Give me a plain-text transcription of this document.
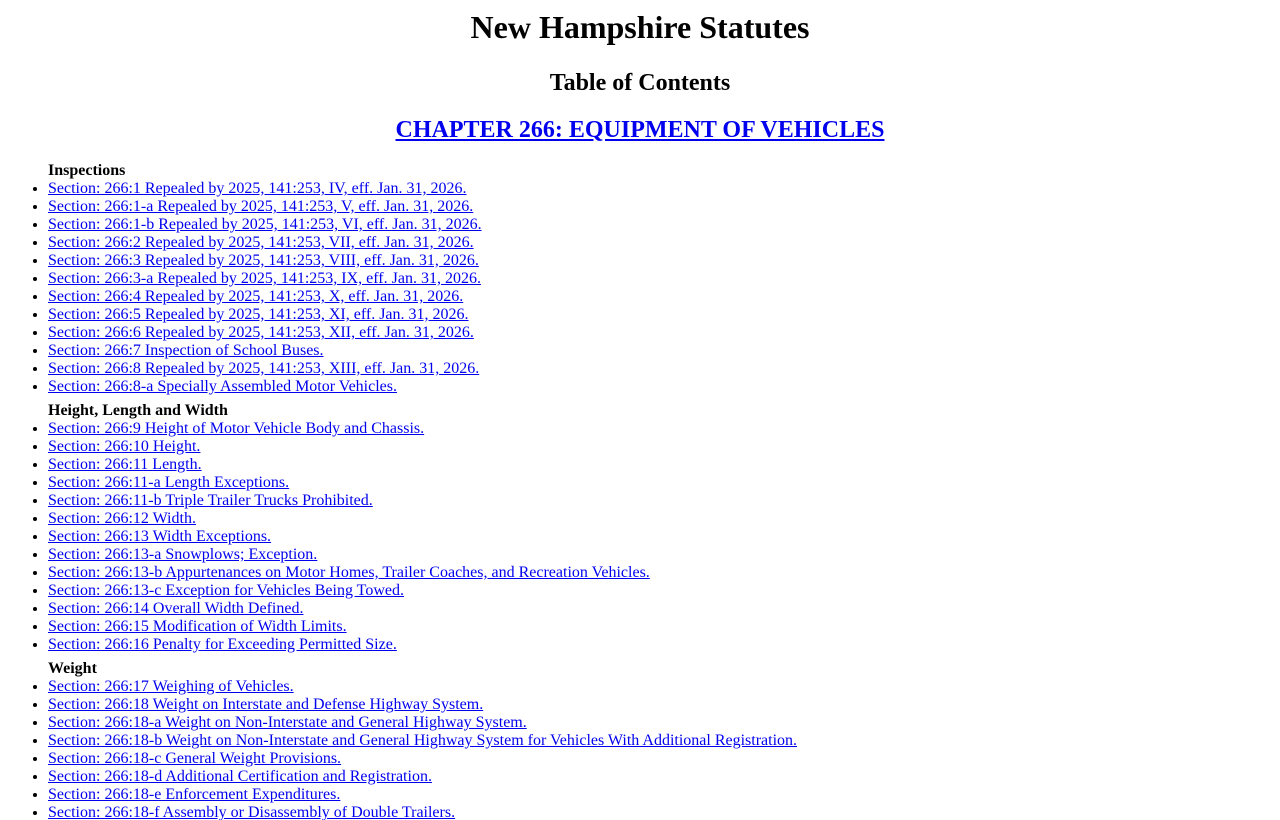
New Hampshire Statutes
Table of Contents
CHAPTER 266: EQUIPMENT OF VEHICLES
Inspections
• Section: 266:1 Repealed by 2025, 141:253, IV, eff. Jan. 31, 2026.
• Section: 266:1-a Repealed by 2025, 141:253, V, eff. Jan. 31, 2026.
• Section: 266:1-b Repealed by 2025, 141:253, VI, eff. Jan. 31, 2026.
• Section: 266:2 Repealed by 2025, 141:253, VII, eff. Jan. 31, 2026.
• Section: 266:3 Repealed by 2025, 141:253, VIII, eff. Jan. 31, 2026.
• Section: 266:3-a Repealed by 2025, 141:253, IX, eff. Jan. 31, 2026.
• Section: 266:4 Repealed by 2025, 141:253, X, eff. Jan. 31, 2026.
• Section: 266:5 Repealed by 2025, 141:253, XI, eff. Jan. 31, 2026.
• Section: 266:6 Repealed by 2025, 141:253, XII, eff. Jan. 31, 2026.
• Section: 266:7 Inspection of School Buses.
• Section: 266:8 Repealed by 2025, 141:253, XIII, eff. Jan. 31, 2026.
• Section: 266:8-a Specially Assembled Motor Vehicles.
Height, Length and Width
• Section: 266:9 Height of Motor Vehicle Body and Chassis.
• Section: 266:10 Height.
• Section: 266:11 Length.
• Section: 266:11-a Length Exceptions.
• Section: 266:11-b Triple Trailer Trucks Prohibited.
• Section: 266:12 Width.
• Section: 266:13 Width Exceptions.
• Section: 266:13-a Snowplows; Exception.
• Section: 266:13-b Appurtenances on Motor Homes, Trailer Coaches, and Recreation Vehicles.
• Section: 266:13-c Exception for Vehicles Being Towed.
• Section: 266:14 Overall Width Defined.
• Section: 266:15 Modification of Width Limits.
• Section: 266:16 Penalty for Exceeding Permitted Size.
Weight
• Section: 266:17 Weighing of Vehicles.
• Section: 266:18 Weight on Interstate and Defense Highway System.
• Section: 266:18-a Weight on Non-Interstate and General Highway System.
• Section: 266:18-b Weight on Non-Interstate and General Highway System for Vehicles With Additional Registration.
• Section: 266:18-c General Weight Provisions.
• Section: 266:18-d Additional Certification and Registration.
• Section: 266:18-e Enforcement Expenditures.
• Section: 266:18-f Assembly or Disassembly of Double Trailers.
